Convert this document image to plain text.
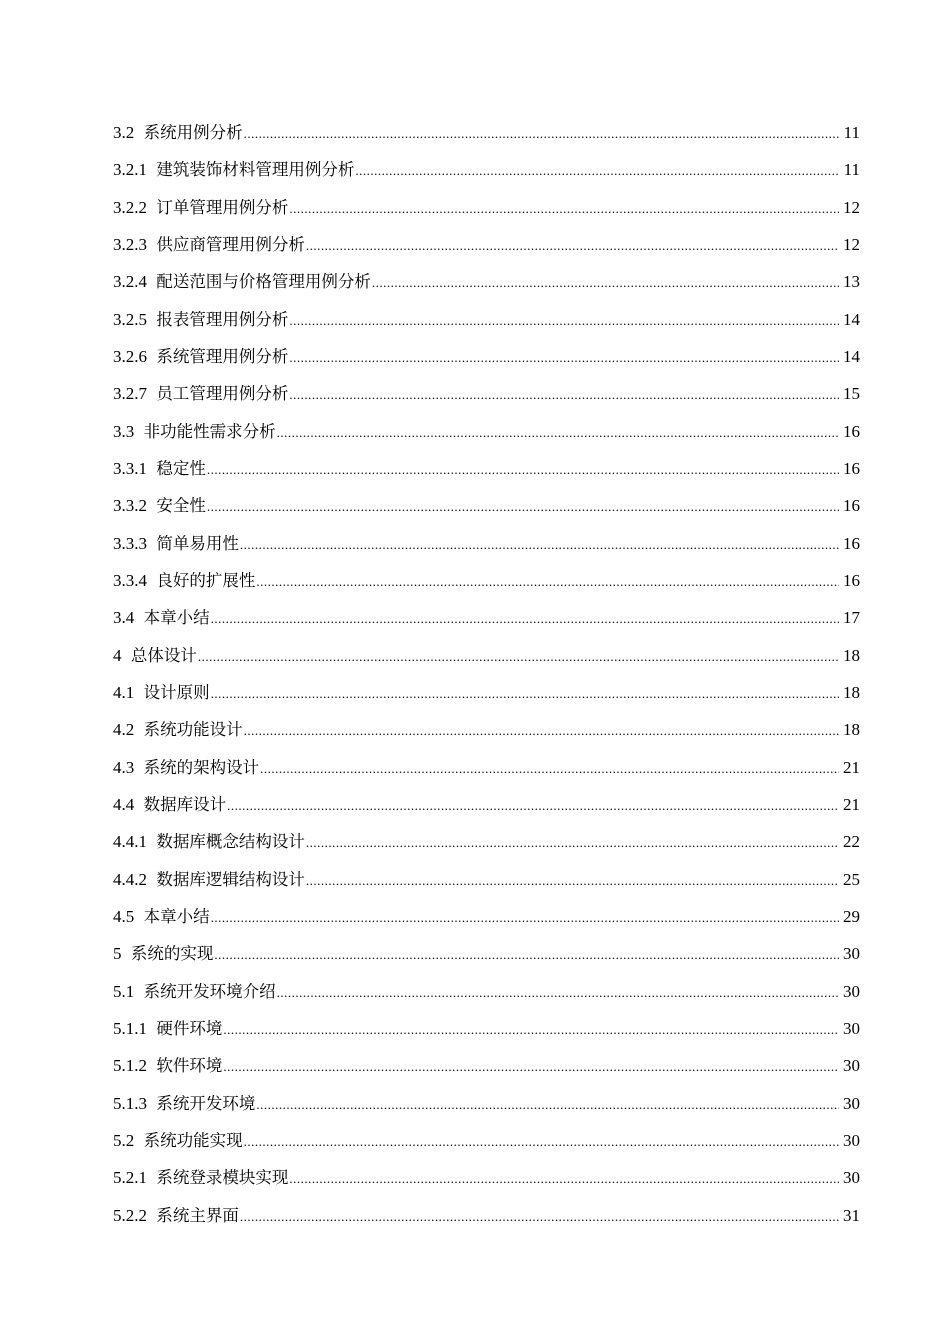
3.2 系统用例分析 .....	11
3.2.1 建筑装饰材料管理用例分析 .....	11
3.2.2 订单管理用例分析 .....	12
3.2.3 供应商管理用例分析 .....	12
3.2.4 配送范围与价格管理用例分析 .....	13
3.2.5 报表管理用例分析 .....	14
3.2.6 系统管理用例分析 .....	14
3.2.7 员工管理用例分析 .....	15
3.3 非功能性需求分析 .....	16
3.3.1 稳定性 .....	16
3.3.2 安全性 .....	16
3.3.3 简单易用性 .....	16
3.3.4 良好的扩展性 .....	16
3.4 本章小结 .....	17
4 总体设计 .....	18
4.1 设计原则 .....	18
4.2 系统功能设计 .....	18
4.3 系统的架构设计 .....	21
4.4 数据库设计 .....	21
4.4.1 数据库概念结构设计 .....	22
4.4.2 数据库逻辑结构设计 .....	25
4.5 本章小结 .....	29
5 系统的实现 .....	30
5.1 系统开发环境介绍 .....	30
5.1.1 硬件环境 .....	30
5.1.2 软件环境 .....	30
5.1.3 系统开发环境 .....	30
5.2 系统功能实现 .....	30
5.2.1 系统登录模块实现 .....	30
5.2.2 系统主界面 .....	31
